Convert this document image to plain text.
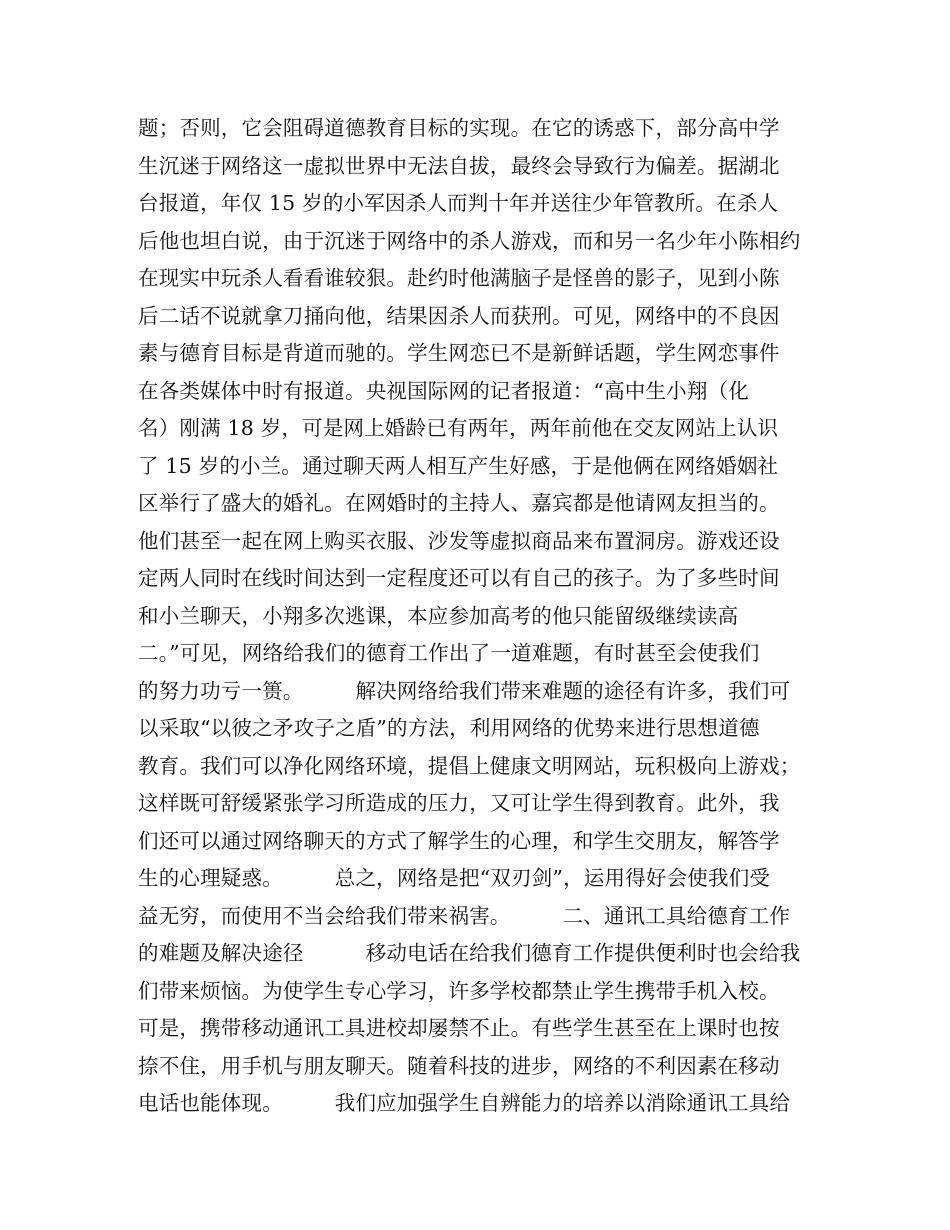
题；否则，它会阻碍道德教育目标的实现。在它的诱惑下，部分高中学
生沉迷于网络这一虚拟世界中无法自拔，最终会导致行为偏差。据湖北
台报道，年仅 15 岁的小军因杀人而判十年并送往少年管教所。在杀人
后他也坦白说，由于沉迷于网络中的杀人游戏，而和另一名少年小陈相约
在现实中玩杀人看看谁较狠。赴约时他满脑子是怪兽的影子，见到小陈
后二话不说就拿刀捅向他，结果因杀人而获刑。可见，网络中的不良因
素与德育目标是背道而驰的。学生网恋已不是新鲜话题，学生网恋事件
在各类媒体中时有报道。央视国际网的记者报道：“高中生小翔（化
名）刚满 18 岁，可是网上婚龄已有两年，两年前他在交友网站上认识
了 15 岁的小兰。通过聊天两人相互产生好感，于是他俩在网络婚姻社
区举行了盛大的婚礼。在网婚时的主持人、嘉宾都是他请网友担当的。
他们甚至一起在网上购买衣服、沙发等虚拟商品来布置洞房。游戏还设
定两人同时在线时间达到一定程度还可以有自己的孩子。为了多些时间
和小兰聊天，小翔多次逃课，本应参加高考的他只能留级继续读高
二。”可见，网络给我们的德育工作出了一道难题，有时甚至会使我们
的努力功亏一篑。　　　解决网络给我们带来难题的途径有许多，我们可
以采取“以彼之矛攻子之盾”的方法，利用网络的优势来进行思想道德
教育。我们可以净化网络环境，提倡上健康文明网站，玩积极向上游戏；
这样既可舒缓紧张学习所造成的压力，又可让学生得到教育。此外，我
们还可以通过网络聊天的方式了解学生的心理，和学生交朋友，解答学
生的心理疑惑。　　　总之，网络是把“双刃剑”，运用得好会使我们受
益无穷，而使用不当会给我们带来祸害。　　　二、通讯工具给德育工作
的难题及解决途径　　　移动电话在给我们德育工作提供便利时也会给我
们带来烦恼。为使学生专心学习，许多学校都禁止学生携带手机入校。
可是，携带移动通讯工具进校却屡禁不止。有些学生甚至在上课时也按
捺不住，用手机与朋友聊天。随着科技的进步，网络的不利因素在移动
电话也能体现。　　　我们应加强学生自辨能力的培养以消除通讯工具给
